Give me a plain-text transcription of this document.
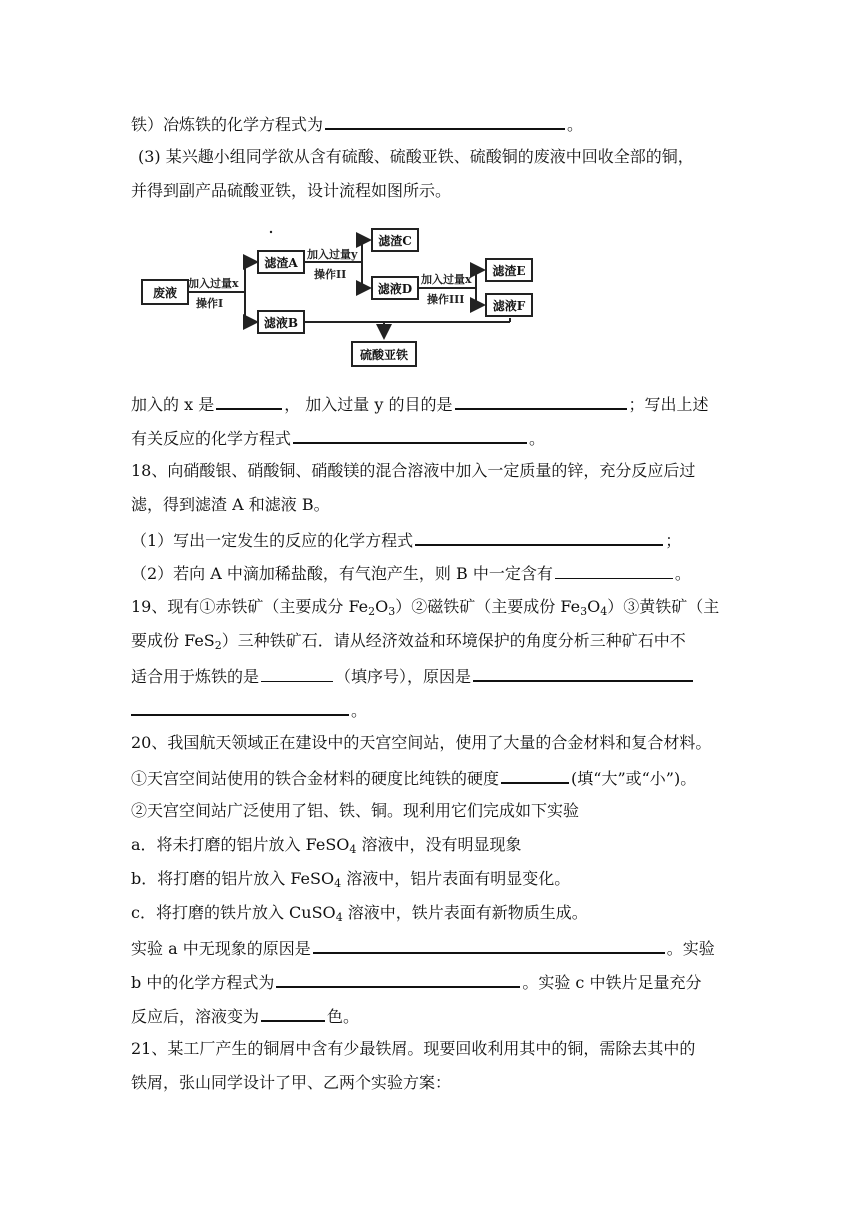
铁）冶炼铁的化学方程式为	。
(3) 某兴趣小组同学欲从含有硫酸、硫酸亚铁、硫酸铜的废液中回收全部的铜，
并得到副产品硫酸亚铁，设计流程如图所示。
废液
滤渣A
滤液B
滤渣C
滤液D
滤渣E
滤液F
硫酸亚铁
加入过量x
操作I
加入过量y
操作II	加入过量x
操作III
加入的 x 是	， 加入过量 y 的目的是	；写出上述
有关反应的化学方程式	。
18、向硝酸银、硝酸铜、硝酸镁的混合溶液中加入一定质量的锌，充分反应后过
滤，得到滤渣 A 和滤液 B。
（1）写出一定发生的反应的化学方程式	；
（2）若向 A 中滴加稀盐酸，有气泡产生，则 B 中一定含有	。
19、现有①赤铁矿（主要成分 $Fe_2O_3)②$磁铁矿（主要成份 $Fe_3O_4)③$黄铁矿（主
要成份 FeS$_2$）三种铁矿石．请从经济效益和环境保护的角度分析三种矿石中不
适合用于炼铁的是	（填序号），原因是
。
20、我国航天领域正在建设中的天宫空间站，使用了大量的合金材料和复合材料。
①天宫空间站使用的铁合金材料的硬度比纯铁的硬度	(填“大”或“小”)。
②天宫空间站广泛使用了铝、铁、铜。现利用它们完成如下实验
a．将未打磨的铝片放入 FeSO$_4$ 溶液中，没有明显现象
b．将打磨的铝片放入 FeSO$_4$ 溶液中，铝片表面有明显变化。
c．将打磨的铁片放入 CuSO$_4$ 溶液中，铁片表面有新物质生成。
实验 a 中无现象的原因是	。实验
b 中的化学方程式为	。实验 c 中铁片足量充分
反应后，溶液变为	色。
21、某工厂产生的铜屑中含有少最铁屑。现要回收利用其中的铜，需除去其中的
铁屑，张山同学设计了甲、乙两个实验方案：
